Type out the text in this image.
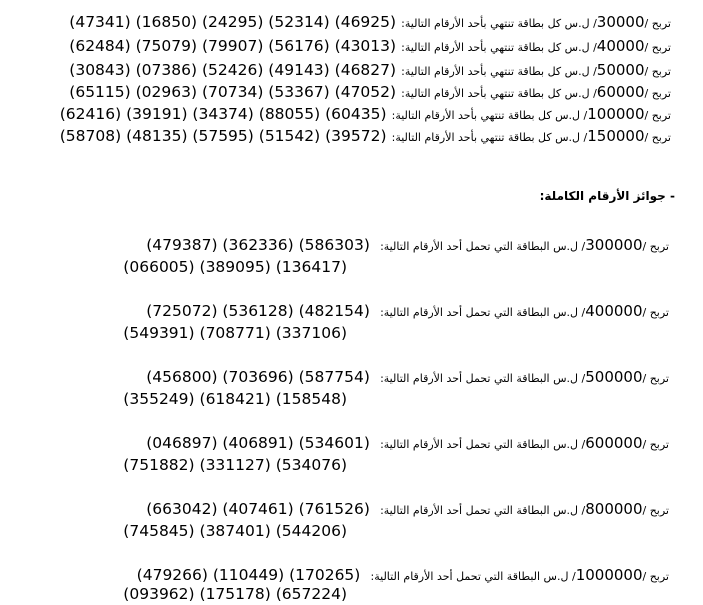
تربح /30000/ ل.س كل بطاقة تنتهي بأحد الأرقام التالية: (46925) (52314) (24295) (16850) (47341)
تربح /40000/ ل.س كل بطاقة تنتهي بأحد الأرقام التالية: (43013) (56176) (79907) (75079) (62484)
تربح /50000/ ل.س كل بطاقة تنتهي بأحد الأرقام التالية: (46827) (49143) (52426) (07386) (30843)
تربح /60000/ ل.س كل بطاقة تنتهي بأحد الأرقام التالية: (47052) (53367) (70734) (02963) (65115)
تربح /100000/ ل.س كل بطاقة تنتهي بأحد الأرقام التالية: (60435) (88055) (34374) (39191) (62416)
تربح /150000/ ل.س كل بطاقة تنتهي بأحد الأرقام التالية: (39572) (51542) (57595) (48135) (58708)
- جوائز الأرقام الكاملة:
تربح /300000/ ل.س البطاقة التي تحمل أحد الأرقام التالية:  (586303) (362336) (479387)
(136417) (389095) (066005)
تربح /400000/ ل.س البطاقة التي تحمل أحد الأرقام التالية:  (482154) (536128) (725072)
(337106) (708771) (549391)
تربح /500000/ ل.س البطاقة التي تحمل أحد الأرقام التالية:  (587754) (703696) (456800)
(158548) (618421) (355249)
تربح /600000/ ل.س البطاقة التي تحمل أحد الأرقام التالية:  (534601) (406891) (046897)
(534076) (331127) (751882)
تربح /800000/ ل.س البطاقة التي تحمل أحد الأرقام التالية:  (761526) (407461) (663042)
(544206) (387401) (745845)
تربح /1000000/ ل.س البطاقة التي تحمل أحد الأرقام التالية:  (170265) (110449) (479266)
(657224) (175178) (093962)
